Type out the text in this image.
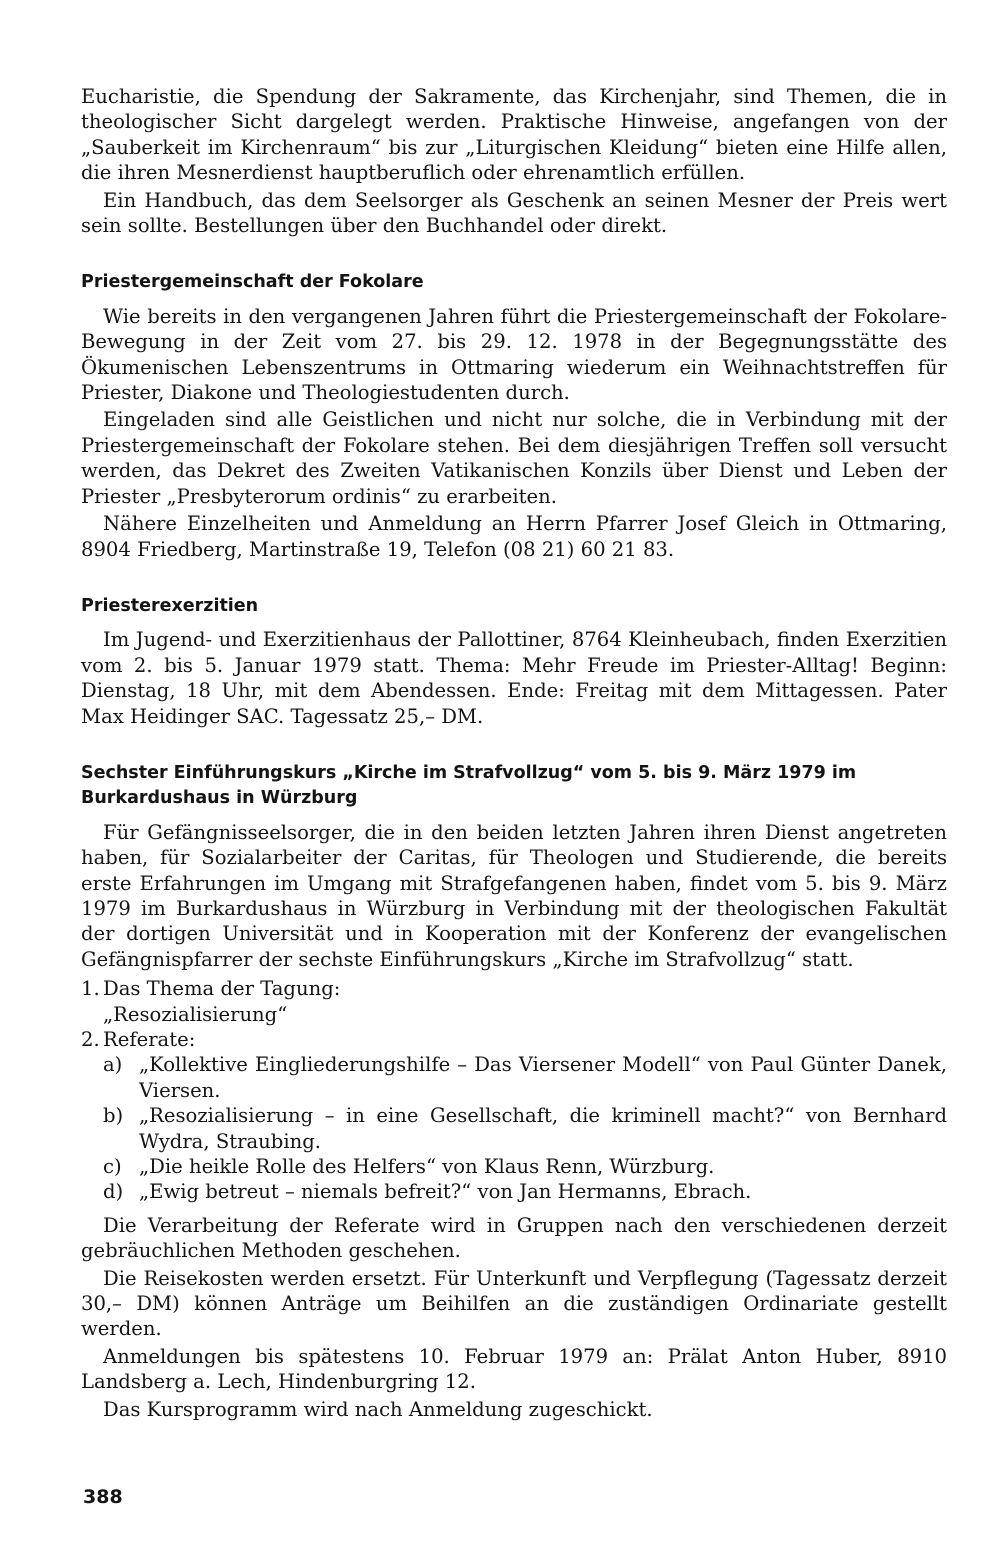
Eucharistie, die Spendung der Sakramente, das Kirchenjahr, sind Themen, die in theologischer Sicht dargelegt werden. Praktische Hinweise, angefangen von der „Sauberkeit im Kirchenraum“ bis zur „Liturgischen Kleidung“ bieten eine Hilfe allen, die ihren Mesnerdienst hauptberuflich oder ehrenamtlich erfüllen.

Ein Handbuch, das dem Seelsorger als Geschenk an seinen Mesner der Preis wert sein sollte. Bestellungen über den Buchhandel oder direkt.

Priestergemeinschaft der Fokolare

Wie bereits in den vergangenen Jahren führt die Priestergemeinschaft der Fokolare-Bewegung in der Zeit vom 27. bis 29. 12. 1978 in der Begegnungsstätte des Ökumenischen Lebenszentrums in Ottmaring wiederum ein Weihnachtstreffen für Priester, Diakone und Theologiestudenten durch.

Eingeladen sind alle Geistlichen und nicht nur solche, die in Verbindung mit der Priestergemeinschaft der Fokolare stehen. Bei dem diesjährigen Treffen soll versucht werden, das Dekret des Zweiten Vatikanischen Konzils über Dienst und Leben der Priester „Presbyterorum ordinis“ zu erarbeiten.

Nähere Einzelheiten und Anmeldung an Herrn Pfarrer Josef Gleich in Ottmaring, 8904 Friedberg, Martinstraße 19, Telefon (08 21) 60 21 83.

Priesterexerzitien

Im Jugend- und Exerzitienhaus der Pallottiner, 8764 Kleinheubach, finden Exerzitien vom 2. bis 5. Januar 1979 statt. Thema: Mehr Freude im Priester-Alltag! Beginn: Dienstag, 18 Uhr, mit dem Abendessen. Ende: Freitag mit dem Mittagessen. Pater Max Heidinger SAC. Tagessatz 25,– DM.

Sechster Einführungskurs „Kirche im Strafvollzug“ vom 5. bis 9. März 1979 im Burkardushaus in Würzburg

Für Gefängnisseelsorger, die in den beiden letzten Jahren ihren Dienst angetreten haben, für Sozialarbeiter der Caritas, für Theologen und Studierende, die bereits erste Erfahrungen im Umgang mit Strafgefangenen haben, findet vom 5. bis 9. März 1979 im Burkardushaus in Würzburg in Verbindung mit der theologischen Fakultät der dortigen Universität und in Kooperation mit der Konferenz der evangelischen Gefängnispfarrer der sechste Einführungskurs „Kirche im Strafvollzug“ statt.

1. Das Thema der Tagung:
„Resozialisierung“
2. Referate:
a) „Kollektive Eingliederungshilfe – Das Viersener Modell“ von Paul Günter Danek, Viersen.
b) „Resozialisierung – in eine Gesellschaft, die kriminell macht?“ von Bernhard Wydra, Straubing.
c) „Die heikle Rolle des Helfers“ von Klaus Renn, Würzburg.
d) „Ewig betreut – niemals befreit?“ von Jan Hermanns, Ebrach.

Die Verarbeitung der Referate wird in Gruppen nach den verschiedenen derzeit gebräuchlichen Methoden geschehen.

Die Reisekosten werden ersetzt. Für Unterkunft und Verpflegung (Tagessatz derzeit 30,– DM) können Anträge um Beihilfen an die zuständigen Ordinariate gestellt werden.

Anmeldungen bis spätestens 10. Februar 1979 an: Prälat Anton Huber, 8910 Landsberg a. Lech, Hindenburgring 12.

Das Kursprogramm wird nach Anmeldung zugeschickt.

388
